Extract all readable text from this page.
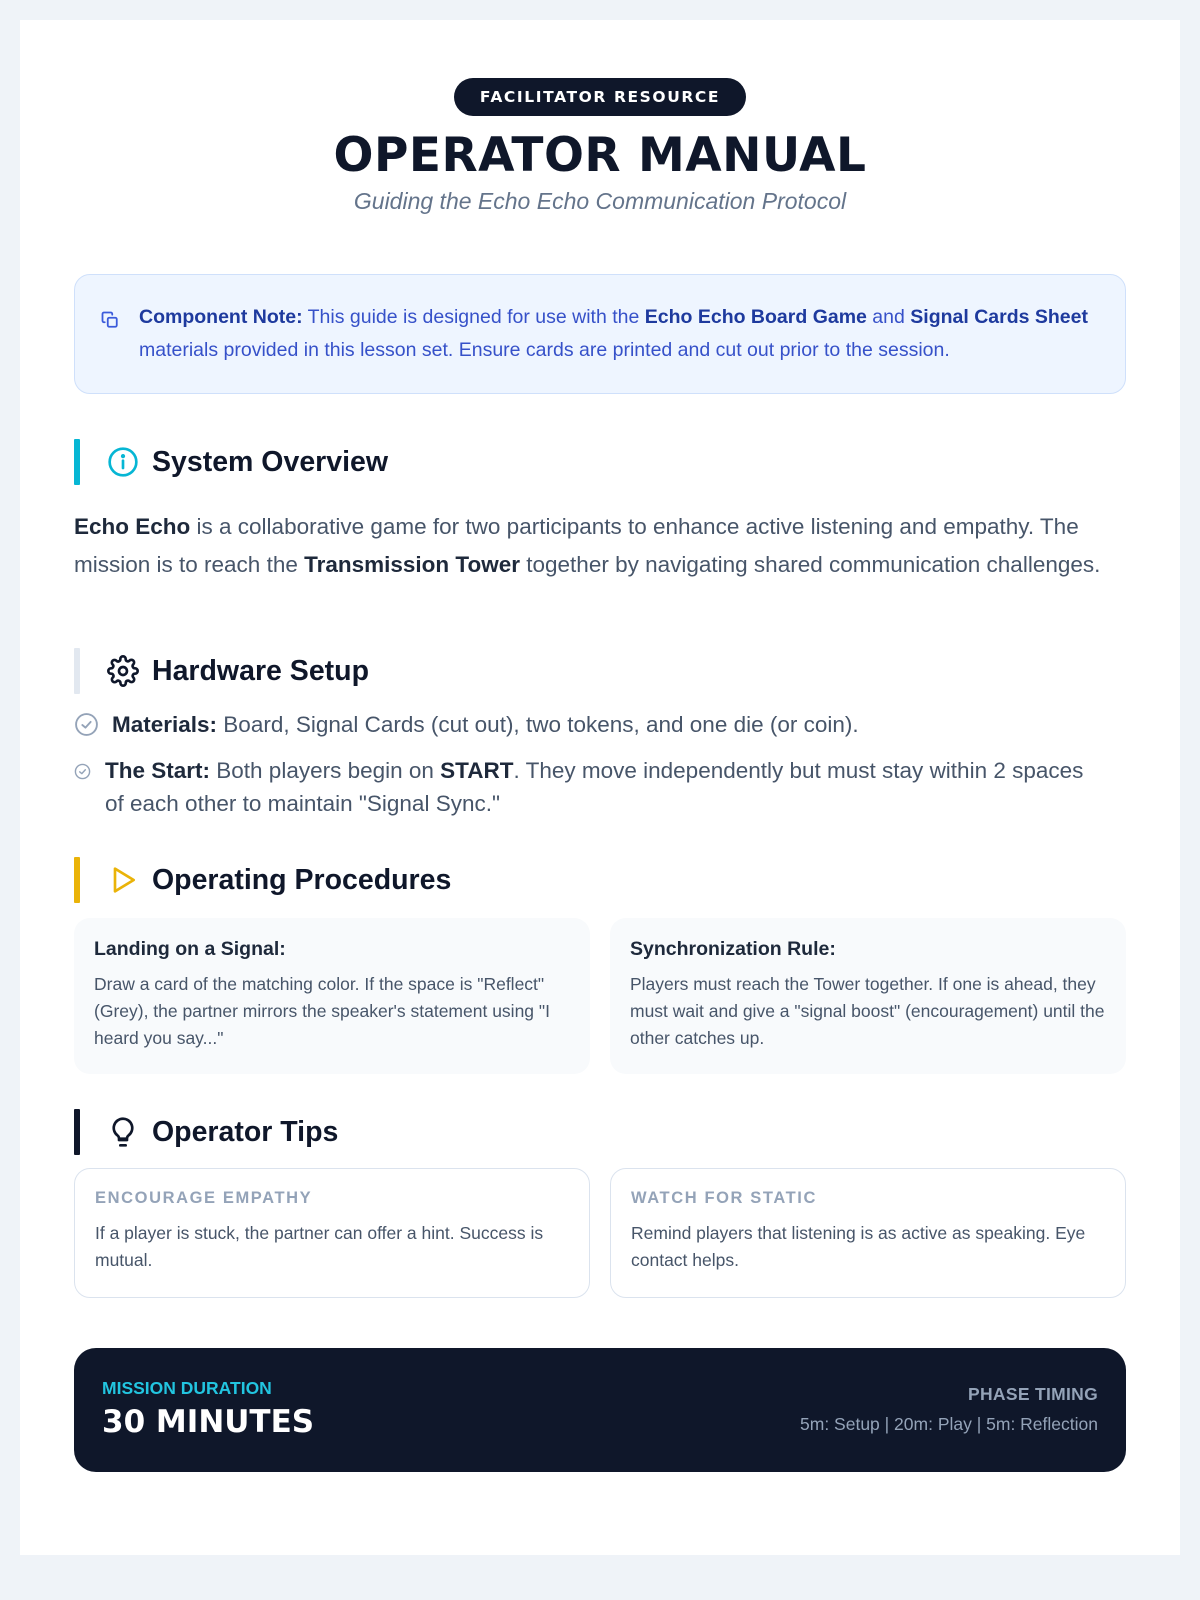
FACILITATOR RESOURCE
OPERATOR MANUAL
Guiding the Echo Echo Communication Protocol
Component Note: This guide is designed for use with the Echo Echo Board Game and Signal Cards Sheet materials provided in this lesson set. Ensure cards are printed and cut out prior to the session.
System Overview
Echo Echo is a collaborative game for two participants to enhance active listening and empathy. The mission is to reach the Transmission Tower together by navigating shared communication challenges.
Hardware Setup
Materials: Board, Signal Cards (cut out), two tokens, and one die (or coin).
The Start: Both players begin on START. They move independently but must stay within 2 spaces of each other to maintain "Signal Sync."
Operating Procedures
Landing on a Signal:

Draw a card of the matching color. If the space is "Reflect" (Grey), the partner mirrors the speaker's statement using "I heard you say..."

Synchronization Rule:

Players must reach the Tower together. If one is ahead, they must wait and give a "signal boost" (encouragement) until the other catches up.

Operator Tips
ENCOURAGE EMPATHY

If a player is stuck, the partner can offer a hint. Success is mutual.

WATCH FOR STATIC

Remind players that listening is as active as speaking. Eye contact helps.

MISSION DURATION
30 MINUTES
PHASE TIMING
5m: Setup | 20m: Play | 5m: Reflection
